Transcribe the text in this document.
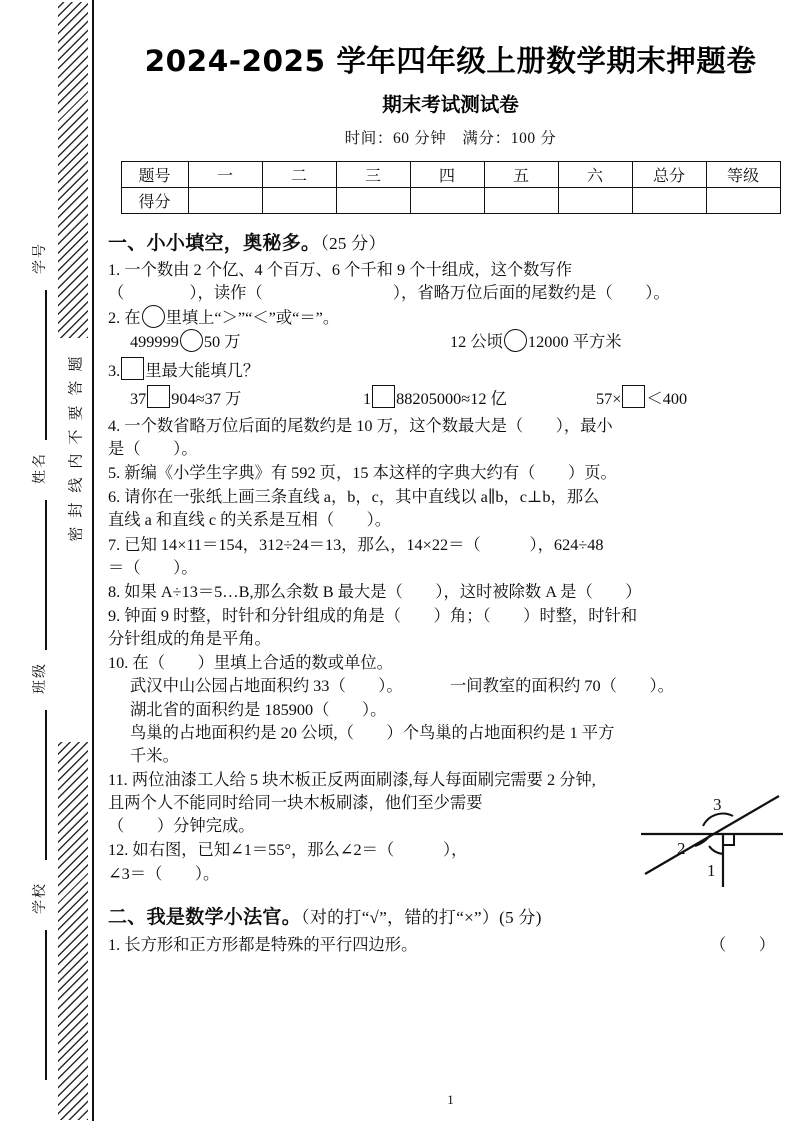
学号
姓名
班级
学校
密
封
线
内
不
要
答
题
2024-2025 学年四年级上册数学期末押题卷
期末考试测试卷
时间：60 分钟　满分：100 分
题号	一	二	三	四	五	六	总分	等级
得分								
一、小小填空，奥秘多。（25 分）
1. 一个数由 2 个亿、4 个百万、6 个千和 9 个十组成，这个数写作
（　　　　），读作（　　　　　　　　），省略万位后面的尾数约是（　　）。
2. 在 里填上“＞”“＜”或“＝”。
499999 50 万	12 公顷 12000 平方米
3. 里最大能填几？
37 904≈37 万	1 88205000≈12 亿	57× ＜400
4. 一个数省略万位后面的尾数约是 10 万，这个数最大是（　　），最小
是（　　）。
5. 新编《小学生字典》有 592 页，15 本这样的字典大约有（　　）页。
6. 请你在一张纸上画三条直线 a，b，c，其中直线以 a∥b，c⊥b，那么
直线 a 和直线 c 的关系是互相（　　）。
7. 已知 14×11＝154，312÷24＝13，那么，14×22＝（　　　），624÷48
＝（　　）。
8. 如果 A÷13＝5…B,那么余数 B 最大是（　　），这时被除数 A 是（　　）
9. 钟面 9 时整，时针和分针组成的角是（　　）角；（　　）时整，时针和
分针组成的角是平角。
10. 在（　　）里填上合适的数或单位。
武汉中山公园占地面积约 33（　　）。	一间教室的面积约 70（　　）。
湖北省的面积约是 185900（　　）。
鸟巢的占地面积约是 20 公顷,（　　）个鸟巢的占地面积约是 1 平方
千米。
11. 两位油漆工人给 5 块木板正反两面刷漆,每人每面刷完需要 2 分钟,
且两个人不能同时给同一块木板刷漆，他们至少需要
（　　）分钟完成。
12. 如右图，已知∠1＝55°，那么∠2＝（　　　），
∠3＝（　　）。
3
2
1
二、我是数学小法官。（对的打“√”，错的打“×”）(5 分)
1. 长方形和正方形都是特殊的平行四边形。	（　　）
1
